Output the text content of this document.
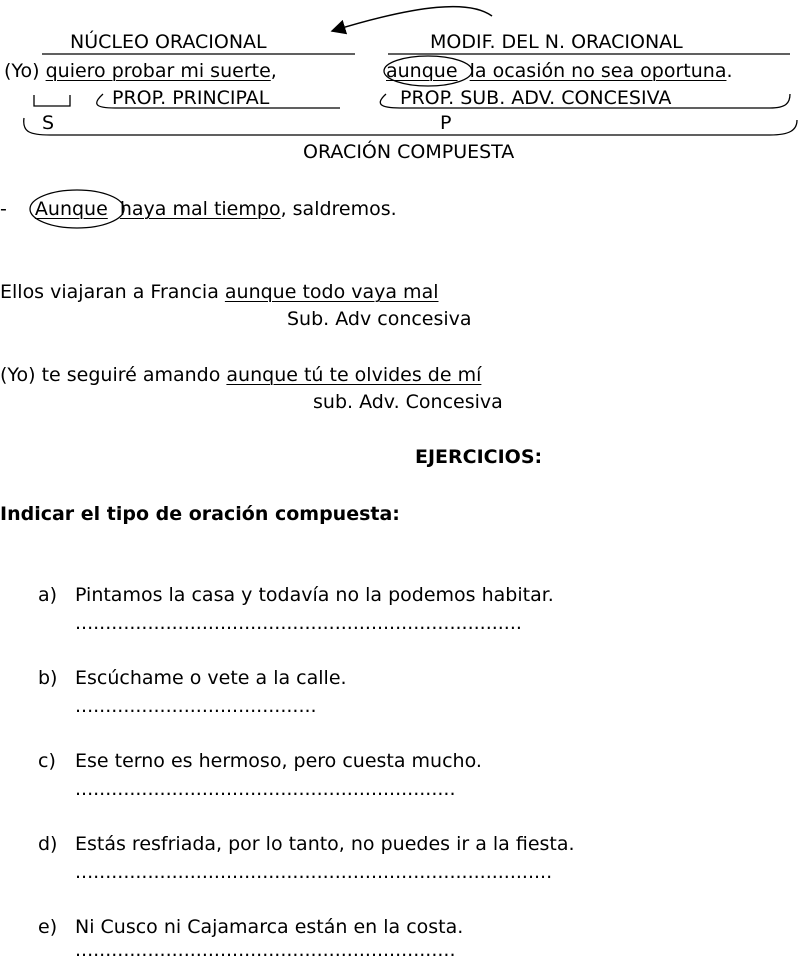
NÚCLEO ORACIONAL	MODIF. DEL N. ORACIONAL
(Yo) quiero probar mi suerte,	aunque la ocasión no sea oportuna.
PROP. PRINCIPAL	PROP. SUB. ADV. CONCESIVA
S	P
ORACIÓN COMPUESTA
- Aunque haya mal tiempo, saldremos.
Ellos viajaran a Francia aunque todo vaya mal
Sub. Adv concesiva
(Yo) te seguiré amando aunque tú te olvides de mí
sub. Adv. Concesiva
EJERCICIOS:
Indicar el tipo de oración compuesta:
a) Pintamos la casa y todavía no la podemos habitar.
..........................................................................
b) Escúchame o vete a la calle.
........................................
c) Ese terno es hermoso, pero cuesta mucho.
...............................................................
d) Estás resfriada, por lo tanto, no puedes ir a la fiesta.
...............................................................................
e) Ni Cusco ni Cajamarca están en la costa.
...............................................................
